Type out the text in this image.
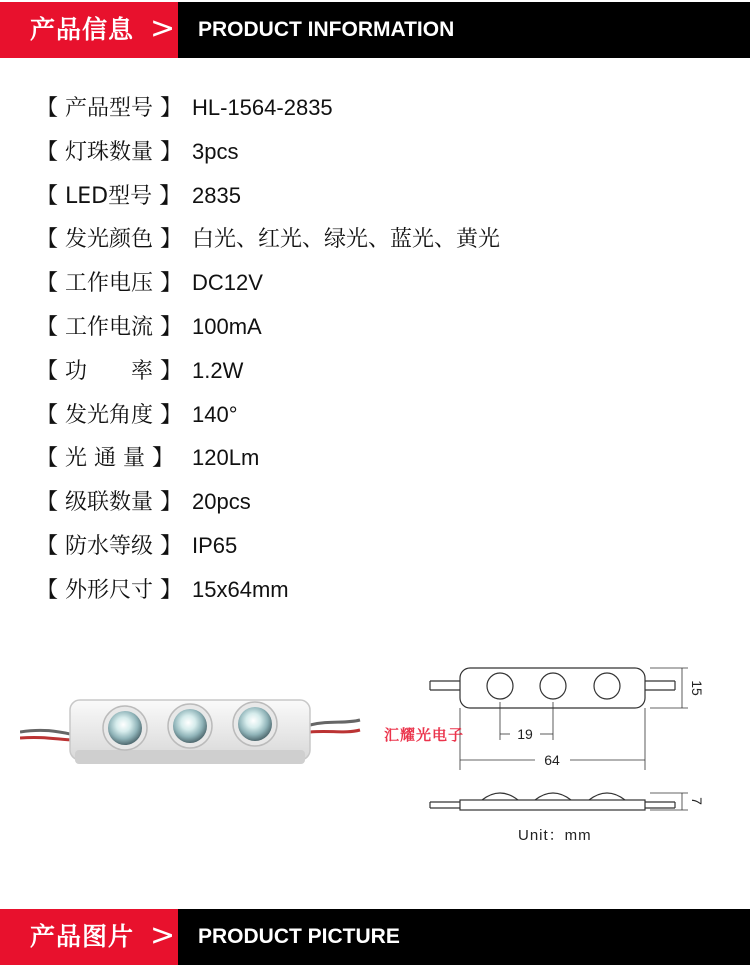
产品信息 > PRODUCT INFORMATION
【 产品型号 】 HL-1564-2835
【 灯珠数量 】 3pcs
【 LED型号 】 2835
【 发光颜色 】 白光、红光、绿光、蓝光、黄光
【 工作电压 】 DC12V
【 工作电流 】 100mA
【 功　　率 】 1.2W
【 发光角度 】 140°
【 光 通 量 】 120Lm
【 级联数量 】 20pcs
【 防水等级 】 IP65
【 外形尺寸 】 15x64mm
15
19
64
7
汇耀光电子
Unit：mm
产品图片 > PRODUCT PICTURE
